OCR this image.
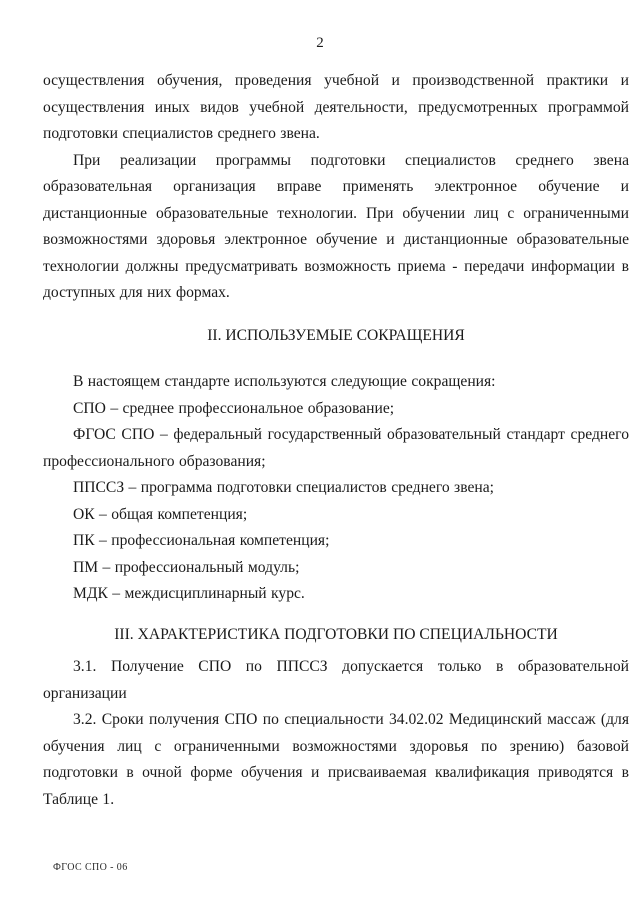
2

осуществления обучения, проведения учебной и производственной практики и осуществления иных видов учебной деятельности, предусмотренных программой подготовки специалистов среднего звена.

При реализации программы подготовки специалистов среднего звена образовательная организация вправе применять электронное обучение и дистанционные образовательные технологии. При обучении лиц с ограниченными возможностями здоровья электронное обучение и дистанционные образовательные технологии должны предусматривать возможность приема - передачи информации в доступных для них формах.

II. ИСПОЛЬЗУЕМЫЕ СОКРАЩЕНИЯ

В настоящем стандарте используются следующие сокращения:

СПО – среднее профессиональное образование;

ФГОС СПО – федеральный государственный образовательный стандарт среднего профессионального образования;

ППССЗ – программа подготовки специалистов среднего звена;

ОК – общая компетенция;

ПК – профессиональная компетенция;

ПМ – профессиональный модуль;

МДК – междисциплинарный курс.

III. ХАРАКТЕРИСТИКА ПОДГОТОВКИ ПО СПЕЦИАЛЬНОСТИ

3.1. Получение СПО по ППССЗ допускается только в образовательной организации

3.2. Сроки получения СПО по специальности 34.02.02 Медицинский массаж (для обучения лиц с ограниченными возможностями здоровья по зрению) базовой подготовки в очной форме обучения и присваиваемая квалификация приводятся в Таблице 1.

ФГОС СПО - 06
